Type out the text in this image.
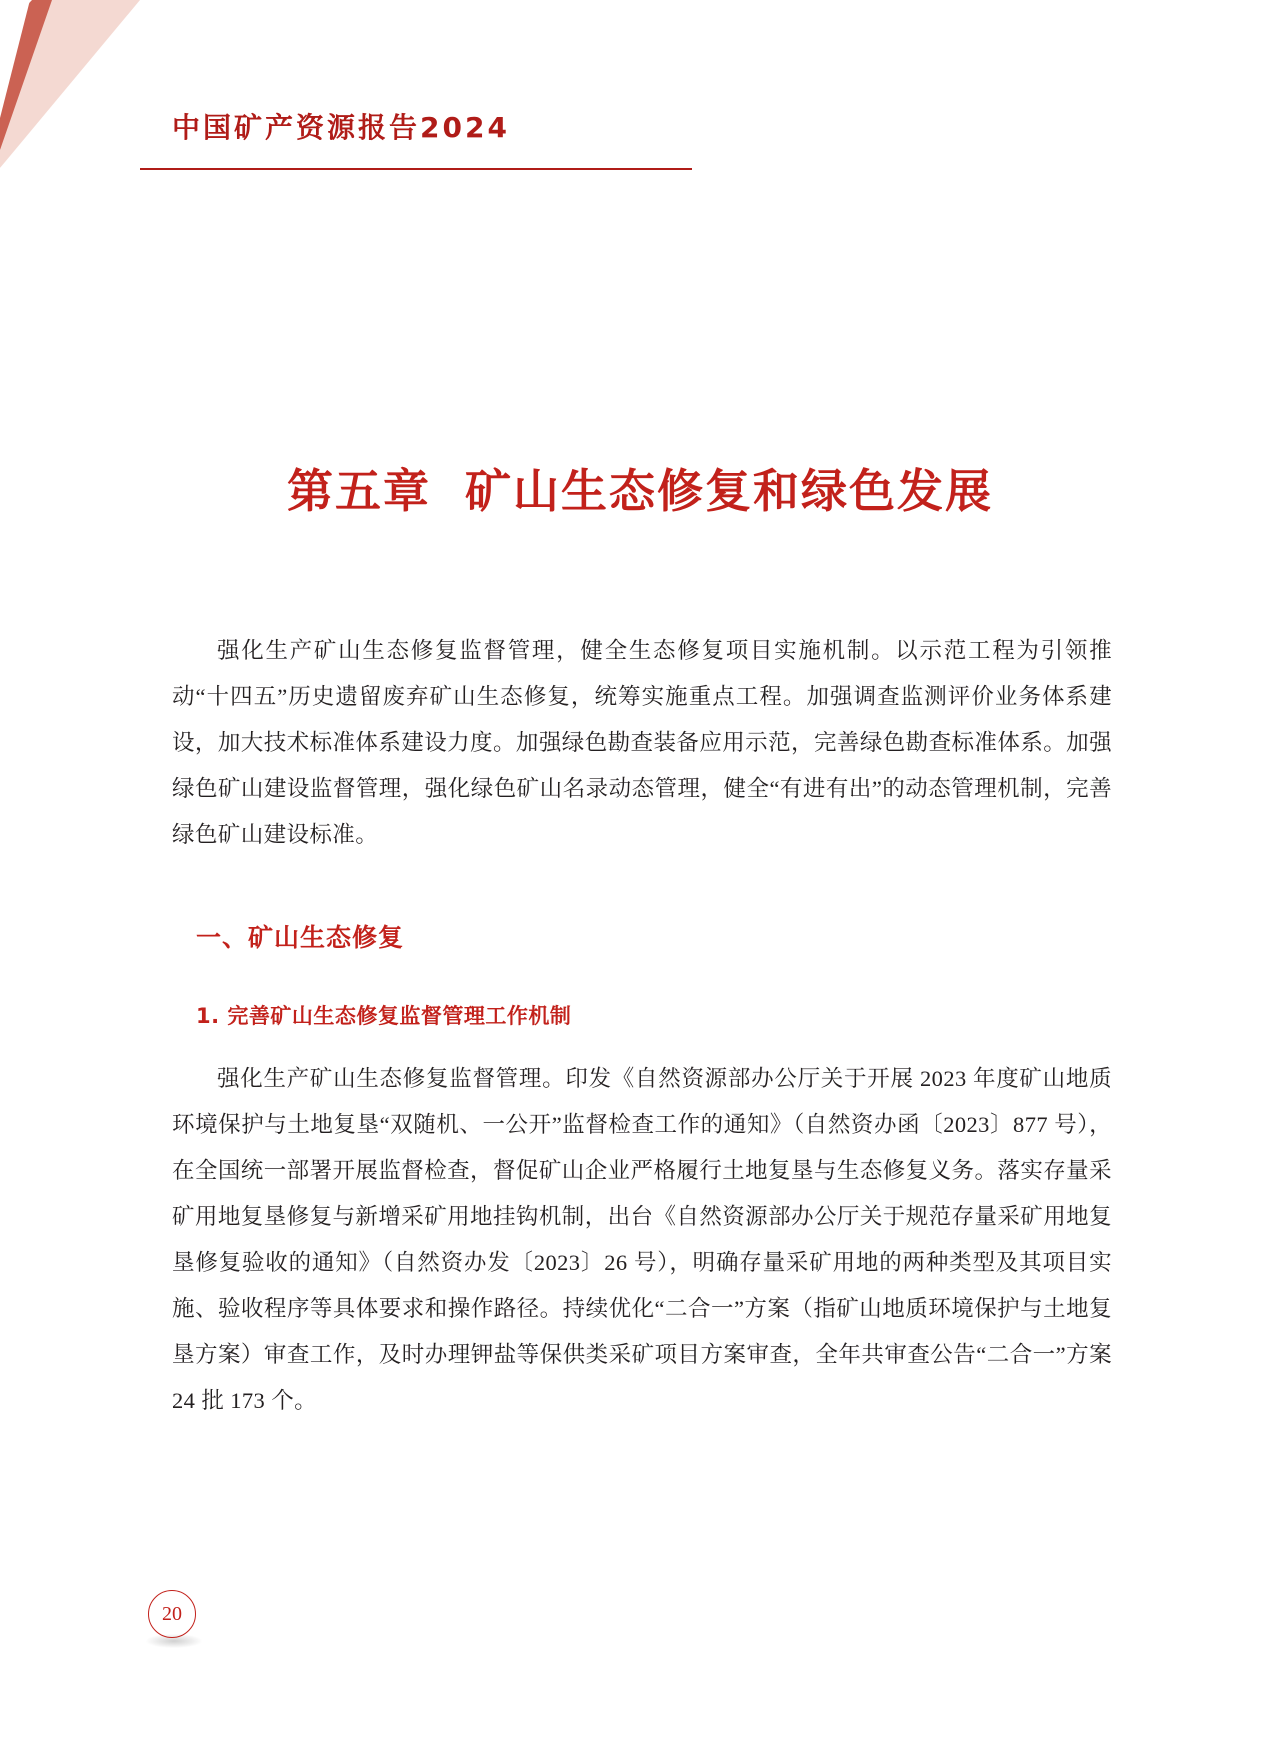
中国矿产资源报告2024
第五章 矿山生态修复和绿色发展

强化生产矿山生态修复监督管理，健全生态修复项目实施机制。以示范工程为引领推动“十四五”历史遗留废弃矿山生态修复，统筹实施重点工程。加强调查监测评价业务体系建设，加大技术标准体系建设力度。加强绿色勘查装备应用示范，完善绿色勘查标准体系。加强绿色矿山建设监督管理，强化绿色矿山名录动态管理，健全“有进有出”的动态管理机制，完善绿色矿山建设标准。

一、矿山生态修复
1. 完善矿山生态修复监督管理工作机制

强化生产矿山生态修复监督管理。印发《自然资源部办公厅关于开展 2023 年度矿山地质环境保护与土地复垦“双随机、一公开”监督检查工作的通知》（自然资办函〔2023〕877 号），在全国统一部署开展监督检查，督促矿山企业严格履行土地复垦与生态修复义务。落实存量采矿用地复垦修复与新增采矿用地挂钩机制，出台《自然资源部办公厅关于规范存量采矿用地复垦修复验收的通知》（自然资办发〔2023〕26 号），明确存量采矿用地的两种类型及其项目实施、验收程序等具体要求和操作路径。持续优化“二合一”方案（指矿山地质环境保护与土地复垦方案）审查工作，及时办理钾盐等保供类采矿项目方案审查，全年共审查公告“二合一”方案24 批 173 个。

20
